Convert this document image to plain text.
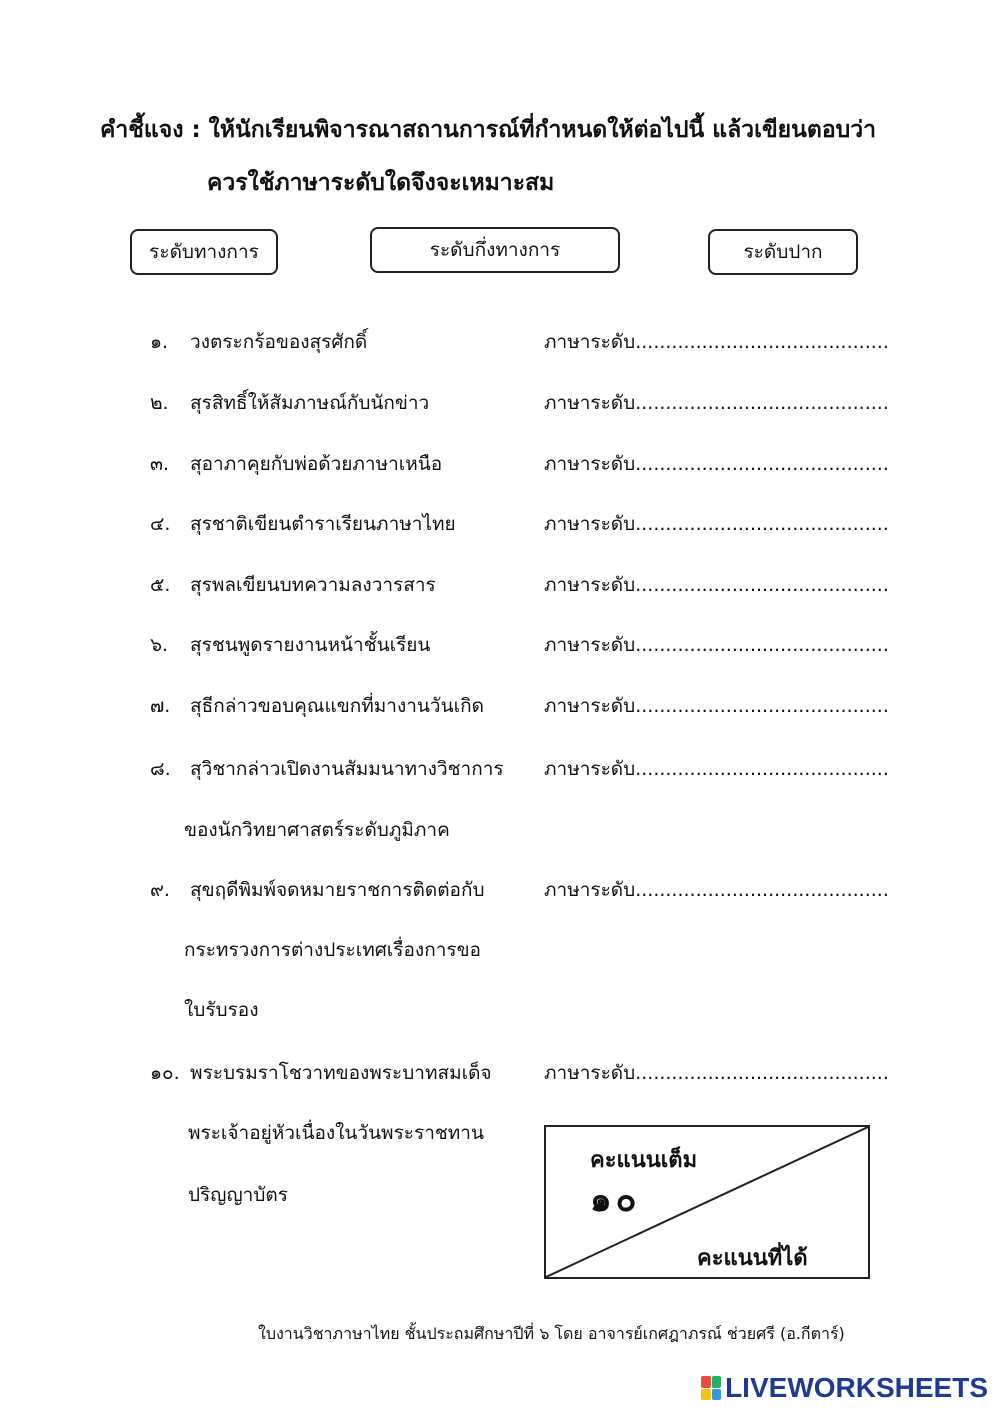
คำชี้แจง : ให้นักเรียนพิจารณาสถานการณ์ที่กำหนดให้ต่อไปนี้ แล้วเขียนตอบว่า
ควรใช้ภาษาระดับใดจึงจะเหมาะสม
ระดับทางการ	ระดับกึ่งทางการ	ระดับปาก
๑. วงตระกร้อของสุรศักดิ์	ภาษาระดับ..........................................
๒. สุรสิทธิ์ให้สัมภาษณ์กับนักข่าว	ภาษาระดับ..........................................
๓. สุอาภาคุยกับพ่อด้วยภาษาเหนือ	ภาษาระดับ..........................................
๔. สุรชาติเขียนตำราเรียนภาษาไทย	ภาษาระดับ..........................................
๕. สุรพลเขียนบทความลงวารสาร	ภาษาระดับ..........................................
๖. สุรชนพูดรายงานหน้าชั้นเรียน	ภาษาระดับ..........................................
๗. สุธีกล่าวขอบคุณแขกที่มางานวันเกิด	ภาษาระดับ..........................................
๘. สุวิชากล่าวเปิดงานสัมมนาทางวิชาการ
ของนักวิทยาศาสตร์ระดับภูมิภาค
ภาษาระดับ..........................................
๙. สุขฤดีพิมพ์จดหมายราชการติดต่อกับ
กระทรวงการต่างประเทศเรื่องการขอ
ใบรับรอง
ภาษาระดับ..........................................
๑๐. พระบรมราโชวาทของพระบาทสมเด็จ
พระเจ้าอยู่หัวเนื่องในวันพระราชทาน
ปริญญาบัตร
ภาษาระดับ..........................................
คะแนนเต็ม
๑๐
คะแนนที่ได้
ใบงานวิชาภาษาไทย ชั้นประถมศึกษาปีที่ ๖ โดย อาจารย์เกศฎาภรณ์ ช่วยศรี (อ.กีตาร์)
LIVEWORKSHEETS
